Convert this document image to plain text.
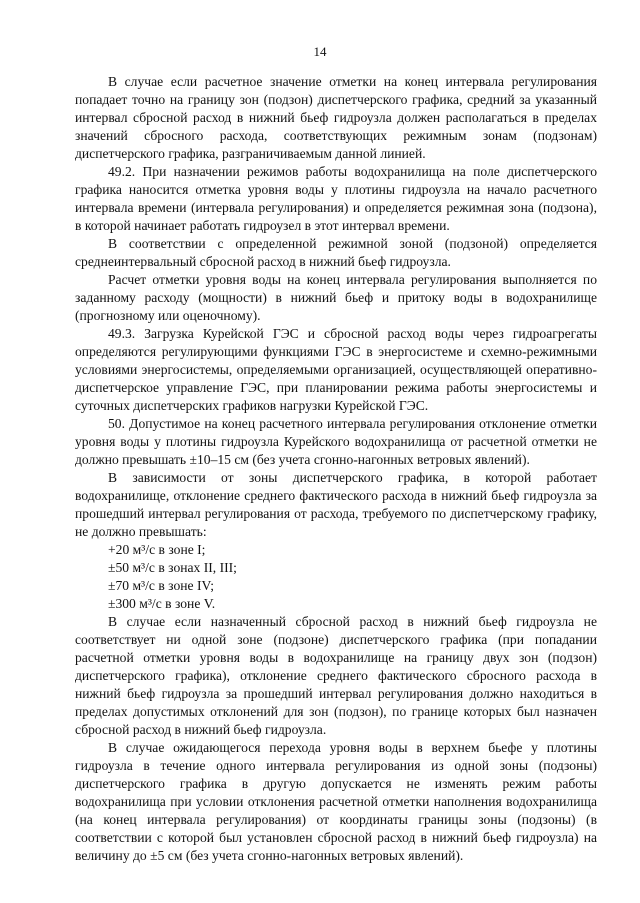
14

В случае если расчетное значение отметки на конец интервала регулирования попадает точно на границу зон (подзон) диспетчерского графика, средний за указанный интервал сбросной расход в нижний бьеф гидроузла должен располагаться в пределах значений сбросного расхода, соответствующих режимным зонам (подзонам) диспетчерского графика, разграничиваемым данной линией.

49.2. При назначении режимов работы водохранилища на поле диспетчерского графика наносится отметка уровня воды у плотины гидроузла на начало расчетного интервала времени (интервала регулирования) и определяется режимная зона (подзона), в которой начинает работать гидроузел в этот интервал времени.

В соответствии с определенной режимной зоной (подзоной) определяется среднеинтервальный сбросной расход в нижний бьеф гидроузла.

Расчет отметки уровня воды на конец интервала регулирования выполняется по заданному расходу (мощности) в нижний бьеф и притоку воды в водохранилище (прогнозному или оценочному).

49.3. Загрузка Курейской ГЭС и сбросной расход воды через гидроагрегаты определяются регулирующими функциями ГЭС в энергосистеме и схемно-режимными условиями энергосистемы, определяемыми организацией, осуществляющей оперативно-диспетчерское управление ГЭС, при планировании режима работы энергосистемы и суточных диспетчерских графиков нагрузки Курейской ГЭС.

50. Допустимое на конец расчетного интервала регулирования отклонение отметки уровня воды у плотины гидроузла Курейского водохранилища от расчетной отметки не должно превышать ±10–15 см (без учета сгонно-нагонных ветровых явлений).

В зависимости от зоны диспетчерского графика, в которой работает водохранилище, отклонение среднего фактического расхода в нижний бьеф гидроузла за прошедший интервал регулирования от расхода, требуемого по диспетчерскому графику, не должно превышать:

+20 м³/с в зоне I;

±50 м³/с в зонах II, III;

±70 м³/с в зоне IV;

±300 м³/с в зоне V.

В случае если назначенный сбросной расход в нижний бьеф гидроузла не соответствует ни одной зоне (подзоне) диспетчерского графика (при попадании расчетной отметки уровня воды в водохранилище на границу двух зон (подзон) диспетчерского графика), отклонение среднего фактического сбросного расхода в нижний бьеф гидроузла за прошедший интервал регулирования должно находиться в пределах допустимых отклонений для зон (подзон), по границе которых был назначен сбросной расход в нижний бьеф гидроузла.

В случае ожидающегося перехода уровня воды в верхнем бьефе у плотины гидроузла в течение одного интервала регулирования из одной зоны (подзоны) диспетчерского графика в другую допускается не изменять режим работы водохранилища при условии отклонения расчетной отметки наполнения водохранилища (на конец интервала регулирования) от координаты границы зоны (подзоны) (в соответствии с которой был установлен сбросной расход в нижний бьеф гидроузла) на величину до ±5 см (без учета сгонно-нагонных ветровых явлений).
